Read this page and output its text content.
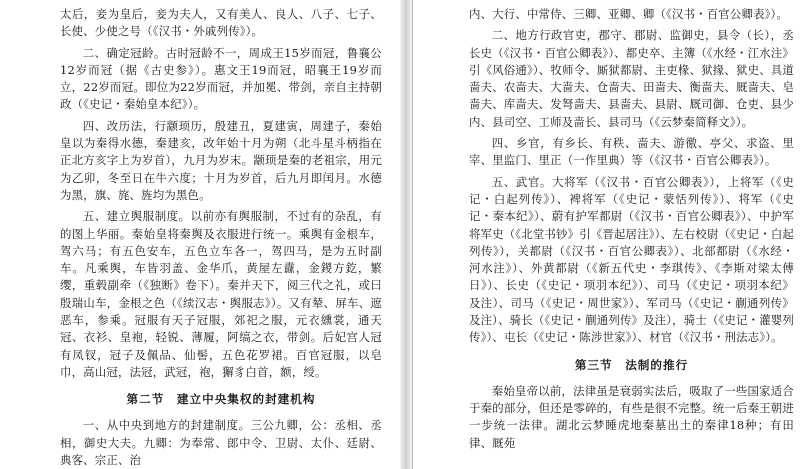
太后，妾为皇后，妾为夫人，又有美人、良人、八子、七子、长使、少使之号（《汉书・外戚列传》）。

二、确定冠龄。古时冠龄不一，周成王15岁而冠，鲁襄公12岁而冠（据《古史参》）。惠文王19而冠，昭襄王19岁而立，22岁而冠。即位为22岁而冠，并加冕、带剑，亲自主持朝政（《史记・秦始皇本纪》）。

四、改历法，行颛顼历，殷建丑，夏建寅，周建子，秦始皇以为秦得水德，秦建亥，改年始十月为朔（北斗星斗柄指在正北方亥字上为岁首），九月为岁末。颛顼是秦的老祖宗，用元为乙卯，冬至日在牛六度；十月为岁首，后九月即闰月。水德为黑，旗、旄、旌均为黑色。

五、建立舆服制度。以前亦有舆服制，不过有的杂乱，有的图上华丽。秦始皇将秦舆及衣服进行统一。乘舆有金根车，驾六马；有五色安车，五色立车各一，驾四马，是为五时副车。凡乘舆，车皆羽盖、金华爪，黄屋左纛，金鍐方釳，繁缨，重毂副牵（《独断》卷下）。秦并天下，阅三代之礼，或曰殷瑞山车，金根之色（《续汉志・舆服志》）。又有辇、屏车、遮恶车，参乘。冠服有天子冠服，郊祀之服，元衣纁裳，通天冠、衣衫、皇袍，轻锐、薄履，阿缟之衣，带剑。后妃宫人冠有凤钗，冠子及佩品、仙髻，五色花罗裙。百官冠服，以皂巾，高山冠，法冠，武冠，袍，獬豸白首，额，绶。

第二节　建立中央集权的封建机构

一、从中央到地方的封建制度。三公九卿，公：丞相、丞相，御史大夫。九卿：为奉常、郎中令、卫尉、太仆、廷尉、典客、宗正、治

内、大行、中常侍、三卿、亚卿、卿（《汉书・百官公卿表》）。

二、地方行政官吏，郡守、郡尉、监御史，县令（长），丞长史（《汉书・百官公卿表》）、都史卒、主簿（《水经・江水注》引《风俗通》）、牧师令、厮狱都尉、主吏椽、狱掾、狱史、具道啬夫、农啬夫、大啬夫、仓啬夫、田啬夫、衡啬夫、厩啬夫、皂啬夫、库啬夫、发弩啬夫、县啬夫、县尉、厩司御、仓吏、县少内、县司空、工师及啬长、县司马（《云梦秦简释文》）。

四、乡官，有乡长、有秩、啬夫、游徼、亭父、求盗、里宰、里监门、里正（一作里典）等（《汉书・百官公卿表》）。

五、武官。大将军（《汉书・百官公卿表》），上将军（《史记・白起列传》）、裨将军（《史记・蒙恬列传》）、将军（《史记・秦本纪》）、蔚有护军都尉（《汉书・百官公卿表》）、中护军将军史（《北堂书钞》引《晋起居注》）、左右校尉（《史记・白起列传》），关都尉（《汉书・百官公卿表》）、北部都尉（《水经・河水注》）、外黄都尉（《新五代史・李琪传》、《李斯对梁太傅日》）、长史（《史记・项羽本纪》）、司马（《史记・项羽本纪》及注）、司马（《史记・周世家》）、军司马（《史记・蒯通列传》及注）、骑长（《史记・蒯通列传》及注），骑士（《史记・灌婴列传》）、屯长（《史记・陈涉世家》）、材官（《汉书・刑法志》）。

第三节　法制的推行

秦始皇帝以前，法律虽是衰弱实法后，吸取了一些国家适合于秦的部分，但还是零碎的，有些是很不完整。统一后秦王朝进一步统一法律。湖北云梦睡虎地秦墓出土的秦律18种；有田律、厩苑
